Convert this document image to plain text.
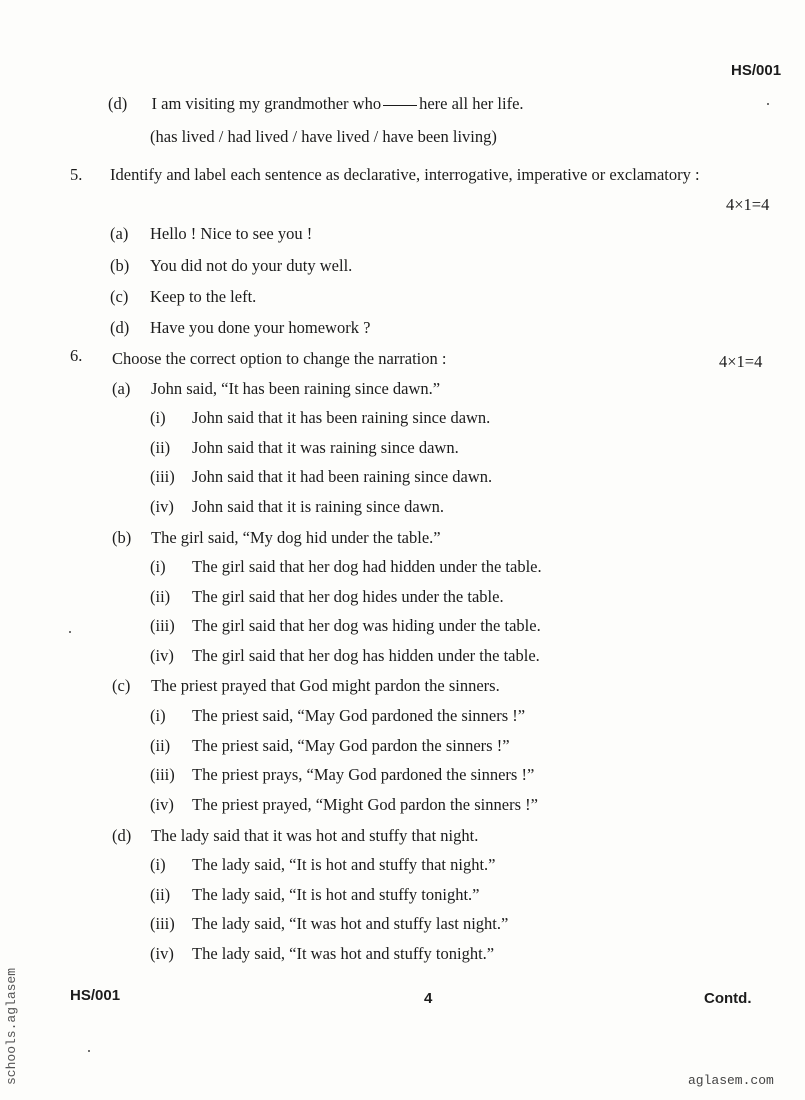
HS/001
(d) I am visiting my grandmother who here all her life.
(has lived / had lived / have lived / have been living)
5. Identify and label each sentence as declarative, interrogative, imperative or exclamatory :
4×1=4
(a) Hello ! Nice to see you !
(b) You did not do your duty well.
(c) Keep to the left.
(d) Have you done your homework ?
6. Choose the correct option to change the narration :	4×1=4
(a) John said, “It has been raining since dawn.”
(i) John said that it has been raining since dawn.
(ii) John said that it was raining since dawn.
(iii) John said that it had been raining since dawn.
(iv) John said that it is raining since dawn.
(b) The girl said, “My dog hid under the table.”
(i) The girl said that her dog had hidden under the table.
(ii) The girl said that her dog hides under the table.
(iii) The girl said that her dog was hiding under the table.
(iv) The girl said that her dog has hidden under the table.
(c) The priest prayed that God might pardon the sinners.
(i) The priest said, “May God pardoned the sinners !”
(ii) The priest said, “May God pardon the sinners !”
(iii) The priest prays, “May God pardoned the sinners !”
(iv) The priest prayed, “Might God pardon the sinners !”
(d) The lady said that it was hot and stuffy that night.
(i) The lady said, “It is hot and stuffy that night.”
(ii) The lady said, “It is hot and stuffy tonight.”
(iii) The lady said, “It was hot and stuffy last night.”
(iv) The lady said, “It was hot and stuffy tonight.”
HS/001	4	Contd.
aglasem.com
schools.aglasem
